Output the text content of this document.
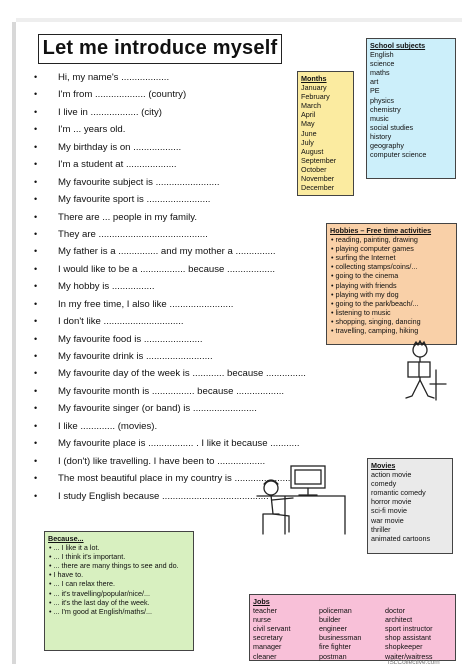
Let me introduce myself
• Hi, my name's ..................
• I'm from ................... (country)
• I live in .................. (city)
• I'm ... years old.
• My birthday is on ..................
• I'm a student at ...................
• My favourite subject is ........................
• My favourite sport is ........................
• There are ... people in my family.
• They are .........................................
• My father is a ............... and my mother a ...............
• I would like to be a ................. because ..................
• My hobby is ................
• In my free time, I also like ........................
• I don't like ..............................
• My favourite food is ......................
• My favourite drink is .........................
• My favourite day of the week is ............ because ...............
• My favourite month is ................ because ..................
• My favourite singer (or band) is ........................
• I like ............. (movies).
• My favourite place is ................. . I like it because ...........
• I (don't) like travelling. I have been to ..................
• The most beautiful place in my country is .....................
• I study English because ........................................
Months
January
February
March
April
May
June
July
August
September
October
November
December
School subjects
English
science
maths
art
PE
physics
chemistry
music
social studies
history
geography
computer science
Hobbies – Free time activities
• reading, painting, drawing
• playing computer games
• surfing the Internet
• collecting stamps/coins/...
• going to the cinema
• playing with friends
• playing with my dog
• going to the park/beach/...
• listening to music
• shopping, singing, dancing
• travelling, camping, hiking
Movies
action movie
comedy
romantic comedy
horror movie
sci-fi movie
war movie
thriller
animated cartoons
Because...
• ... I like it a lot.
• ... I think it's important.
• ... there are many things to see and do.
• I have to.
• ... I can relax there.
• ... it's travelling/popular/nice/...
• ... it's the last day of the week.
• ... I'm good at English/maths/...
Jobs
teacher
nurse
civil servant
secretary
manager
cleaner
policeman
builder
engineer
businessman
fire fighter
postman
doctor
architect
sport instructor
shop assistant
shopkeeper
waiter/waitress
iSLCollective.com
